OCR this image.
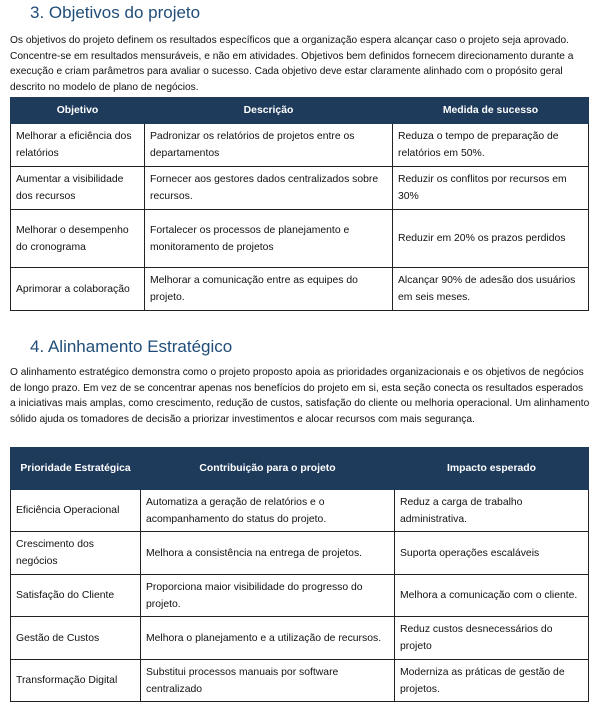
3. Objetivos do projeto

Os objetivos do projeto definem os resultados específicos que a organização espera alcançar caso o projeto seja aprovado. Concentre-se em resultados mensuráveis, e não em atividades. Objetivos bem definidos fornecem direcionamento durante a execução e criam parâmetros para avaliar o sucesso. Cada objetivo deve estar claramente alinhado com o propósito geral descrito no modelo de plano de negócios.

Objetivo	Descrição	Medida de sucesso
Melhorar a eficiência dos relatórios	Padronizar os relatórios de projetos entre os departamentos	Reduza o tempo de preparação de relatórios em 50%.
Aumentar a visibilidade dos recursos	Fornecer aos gestores dados centralizados sobre recursos.	Reduzir os conflitos por recursos em 30%
Melhorar o desempenho do cronograma	Fortalecer os processos de planejamento e monitoramento de projetos	Reduzir em 20% os prazos perdidos
Aprimorar a colaboração	Melhorar a comunicação entre as equipes do projeto.	Alcançar 90% de adesão dos usuários em seis meses.
4. Alinhamento Estratégico

O alinhamento estratégico demonstra como o projeto proposto apoia as prioridades organizacionais e os objetivos de negócios de longo prazo. Em vez de se concentrar apenas nos benefícios do projeto em si, esta seção conecta os resultados esperados a iniciativas mais amplas, como crescimento, redução de custos, satisfação do cliente ou melhoria operacional. Um alinhamento sólido ajuda os tomadores de decisão a priorizar investimentos e alocar recursos com mais segurança.

Prioridade Estratégica	Contribuição para o projeto	Impacto esperado
Eficiência Operacional	Automatiza a geração de relatórios e o acompanhamento do status do projeto.	Reduz a carga de trabalho administrativa.
Crescimento dos negócios	Melhora a consistência na entrega de projetos.	Suporta operações escaláveis
Satisfação do Cliente	Proporciona maior visibilidade do progresso do projeto.	Melhora a comunicação com o cliente.
Gestão de Custos	Melhora o planejamento e a utilização de recursos.	Reduz custos desnecessários do projeto
Transformação Digital	Substitui processos manuais por software centralizado	Moderniza as práticas de gestão de projetos.
